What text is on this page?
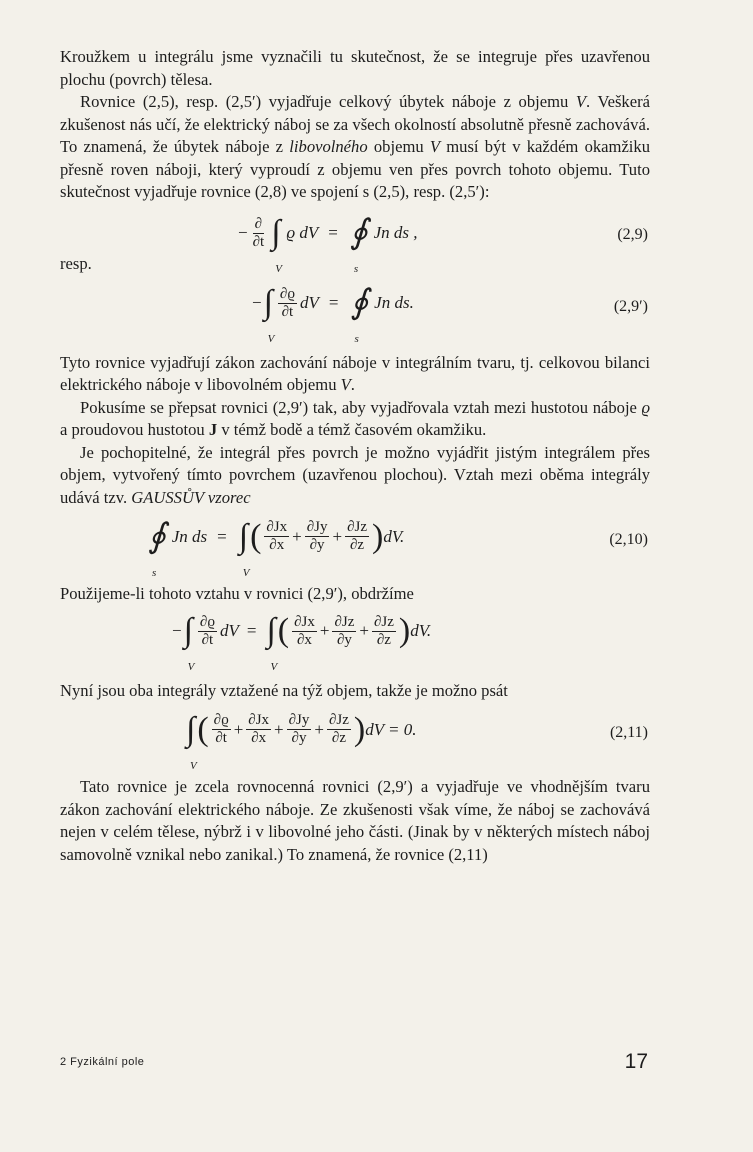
Kroužkem u integrálu jsme vyznačili tu skutečnost, že se integruje přes uzavřenou plochu (povrch) tělesa.

Rovnice (2,5), resp. (2,5′) vyjadřuje celkový úbytek náboje z objemu V. Veškerá zkušenost nás učí, že elektrický náboj se za všech okolností absolutně přesně zachovává. To znamená, že úbytek náboje z libovolného objemu V musí být v každém okamžiku přesně roven náboji, který vyproudí z objemu ven přes povrch tohoto objemu. Tuto skutečnost vyjadřuje rovnice (2,8) ve spojení s (2,5), resp. (2,5′):

− $\frac{\partial}{\partial t}$ ∫
V
ϱ dV = ∮
s
Jn ds ,	(2,9)
resp.
− ∫
V
$\frac{\partial ϱ}{\partial t}$ dV = ∮
s
Jn ds.	(2,9′)

Tyto rovnice vyjadřují zákon zachování náboje v integrálním tvaru, tj. celkovou bilanci elektrického náboje v libovolném objemu V.

Pokusíme se přepsat rovnici (2,9′) tak, aby vyjadřovala vztah mezi hustotou náboje ϱ a proudovou hustotou J v témž bodě a témž časovém okamžiku.

Je pochopitelné, že integrál přes povrch je možno vyjádřit jistým integrálem přes objem, vytvořený tímto povrchem (uzavřenou plochou). Vztah mezi oběma integrály udává tzv. GAUSSŮV vzorec

∮
s
Jn ds = ∫
V
( $\frac{\partial Jx}{\partial x} + \frac{\partial Jy}{\partial y} + \frac{\partial Jz}{\partial z}$ ) dV.	(2,10)

Použijeme-li tohoto vztahu v rovnici (2,9′), obdržíme

− ∫
V
$\frac{\partial ϱ}{\partial t}$ dV = ∫
V
( $\frac{\partial Jx}{\partial x} + \frac{\partial Jz}{\partial y} + \frac{\partial Jz}{\partial z}$ ) dV.

Nyní jsou oba integrály vztažené na týž objem, takže je možno psát

∫
V
( $\frac{\partial ϱ}{\partial t} + \frac{\partial Jx}{\partial x} + \frac{\partial Jy}{\partial y} + \frac{\partial Jz}{\partial z}$ ) dV = 0.	(2,11)

Tato rovnice je zcela rovnocenná rovnici (2,9′) a vyjadřuje ve vhodnějším tvaru zákon zachování elektrického náboje. Ze zkušenosti však víme, že náboj se zachovává nejen v celém tělese, nýbrž i v libovolné jeho části. (Jinak by v některých místech náboj samovolně vznikal nebo zanikal.) To znamená, že rovnice (2,11)

2 Fyzikální pole	17
